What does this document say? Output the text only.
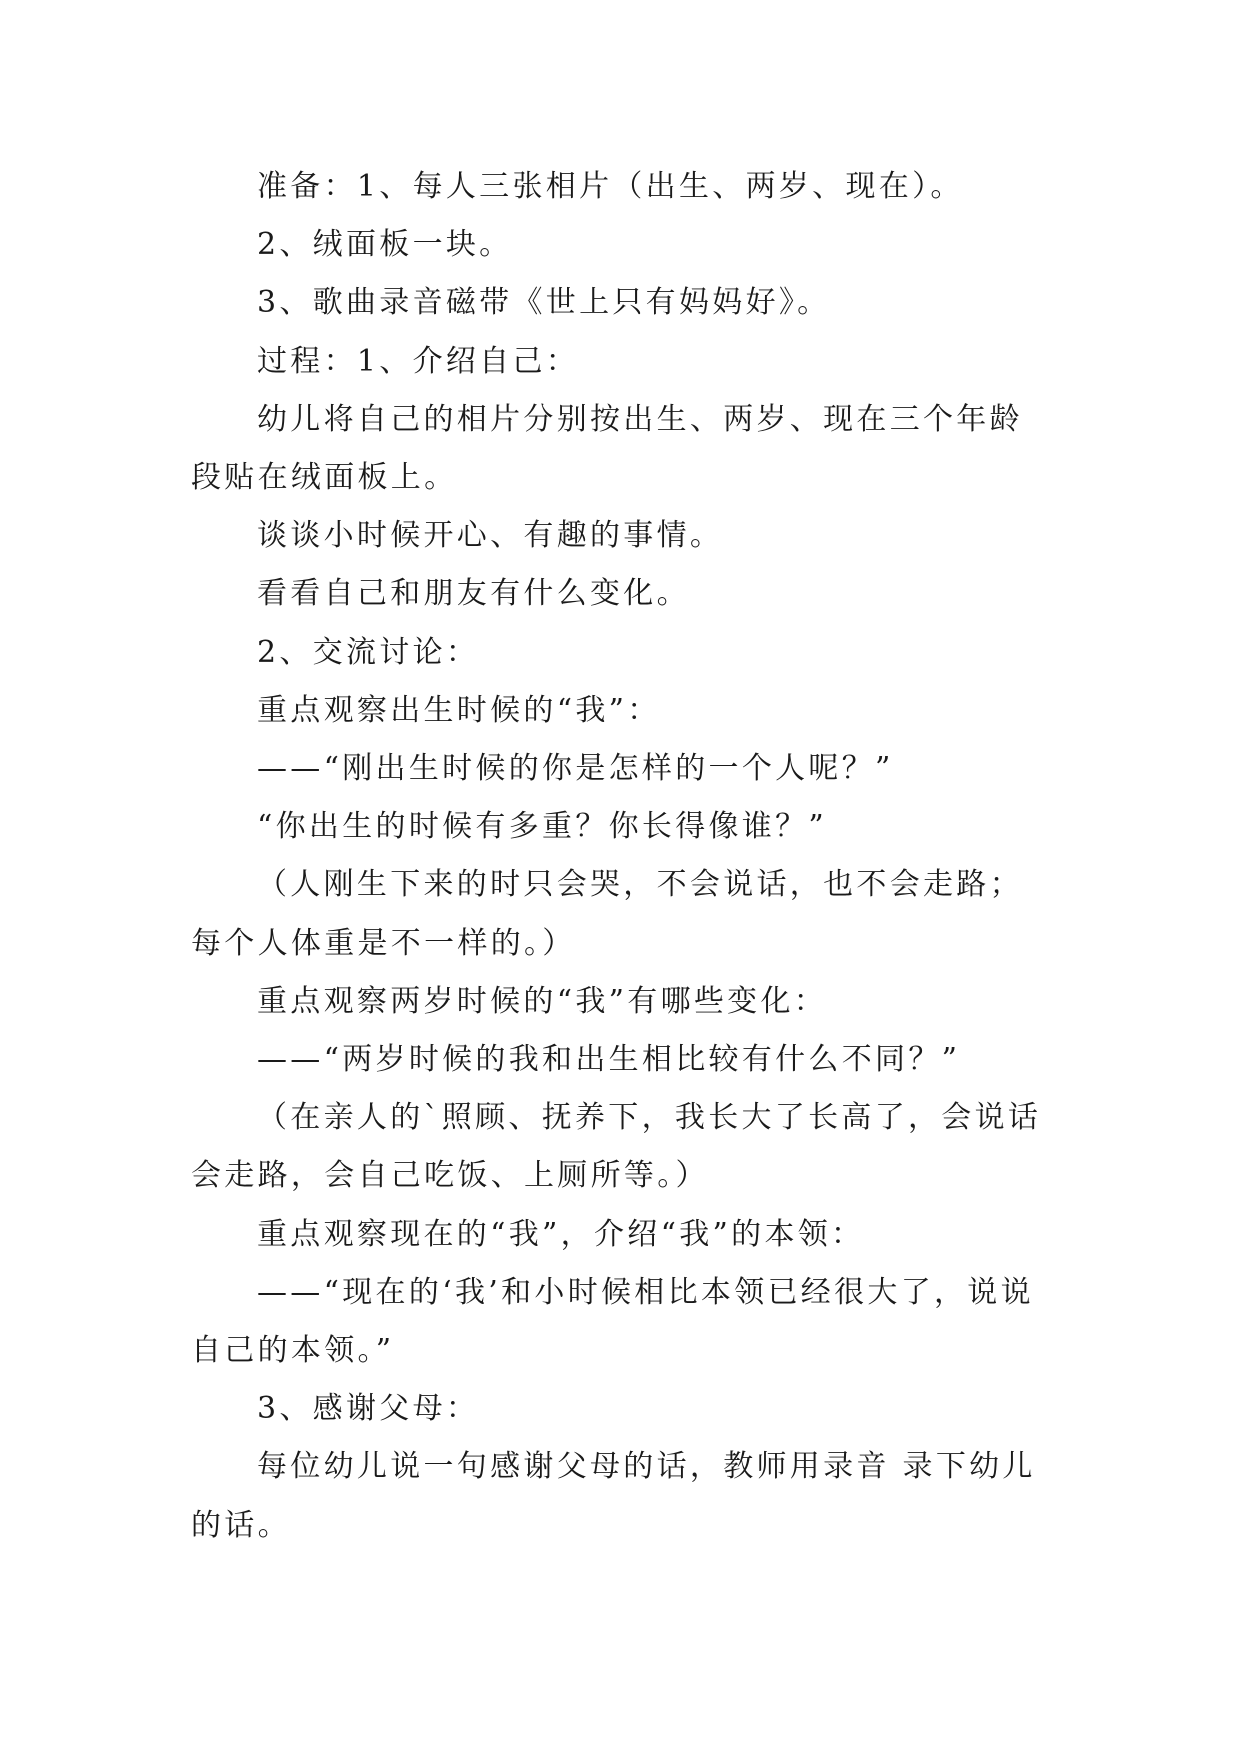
准备：1、每人三张相片（出生、两岁、现在）。

2、绒面板一块。

3、歌曲录音磁带《世上只有妈妈好》。

过程：1、介绍自己：

幼儿将自己的相片分别按出生、两岁、现在三个年龄段贴在绒面板上。

谈谈小时候开心、有趣的事情。

看看自己和朋友有什么变化。

2、交流讨论：

重点观察出生时候的“我”：

——“刚出生时候的你是怎样的一个人呢？”

“你出生的时候有多重？你长得像谁？”

（人刚生下来的时只会哭，不会说话，也不会走路；每个人体重是不一样的。）

重点观察两岁时候的“我”有哪些变化：

——“两岁时候的我和出生相比较有什么不同？”

（在亲人的`照顾、抚养下，我长大了长高了，会说话会走路，会自己吃饭、上厕所等。）

重点观察现在的“我”，介绍“我”的本领：

——“现在的‘我’和小时候相比本领已经很大了，说说自己的本领。”

3、感谢父母：

每位幼儿说一句感谢父母的话，教师用录音 录下幼儿的话。
